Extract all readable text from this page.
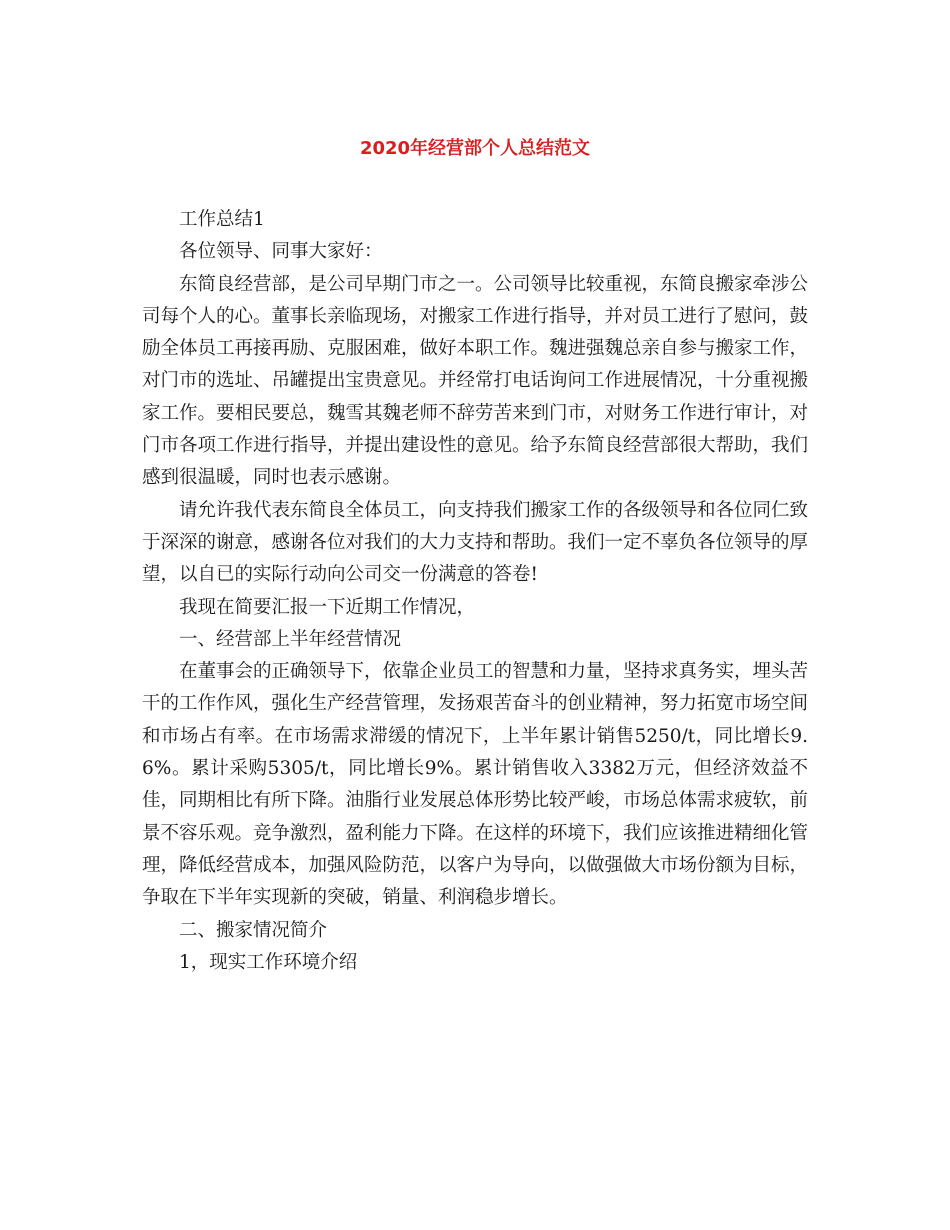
2020年经营部个人总结范文

工作总结1

各位领导、同事大家好：

东简良经营部，是公司早期门市之一。公司领导比较重视，东简良搬家牵涉公司每个人的心。董事长亲临现场，对搬家工作进行指导，并对员工进行了慰问，鼓励全体员工再接再励、克服困难，做好本职工作。魏进强魏总亲自参与搬家工作，对门市的选址、吊罐提出宝贵意见。并经常打电话询问工作进展情况，十分重视搬家工作。要相民要总，魏雪其魏老师不辞劳苦来到门市，对财务工作进行审计，对门市各项工作进行指导，并提出建设性的意见。给予东简良经营部很大帮助，我们感到很温暖，同时也表示感谢。

请允许我代表东简良全体员工，向支持我们搬家工作的各级领导和各位同仁致于深深的谢意，感谢各位对我们的大力支持和帮助。我们一定不辜负各位领导的厚望，以自已的实际行动向公司交一份满意的答卷!

我现在简要汇报一下近期工作情况，

一、经营部上半年经营情况

在董事会的正确领导下，依靠企业员工的智慧和力量，坚持求真务实，埋头苦干的工作作风，强化生产经营管理，发扬艰苦奋斗的创业精神，努力拓宽市场空间和市场占有率。在市场需求滞缓的情况下，上半年累计销售5250/t，同比增长9.6%。累计采购5305/t，同比增长9%。累计销售收入3382万元，但经济效益不佳，同期相比有所下降。油脂行业发展总体形势比较严峻，市场总体需求疲软，前景不容乐观。竞争激烈，盈利能力下降。在这样的环境下，我们应该推进精细化管理，降低经营成本，加强风险防范，以客户为导向，以做强做大市场份额为目标，争取在下半年实现新的突破，销量、利润稳步增长。

二、搬家情况简介

1，现实工作环境介绍
